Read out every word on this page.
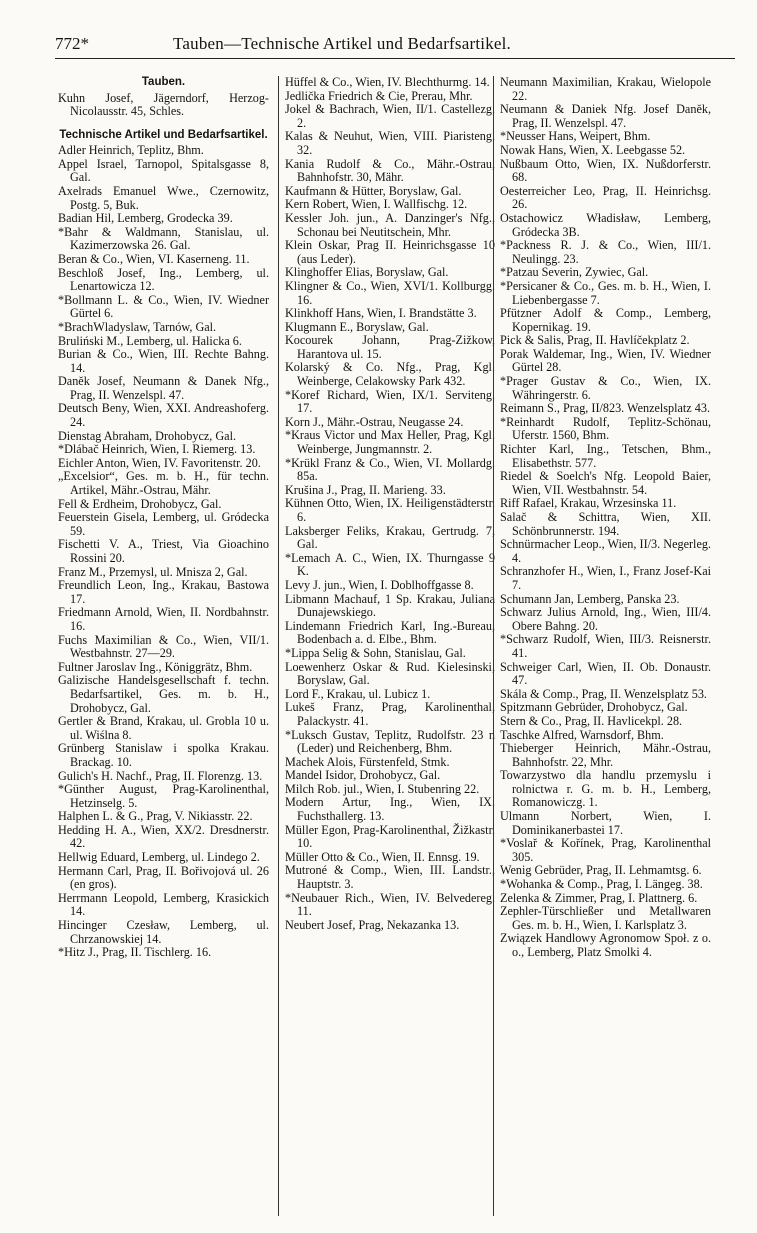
772*	Tauben—Technische Artikel und Bedarfsartikel.
Tauben.

Kuhn Josef, Jägerndorf, Herzog-Nicolausstr. 45, Schles.

Technische Artikel und Bedarfsartikel.

Adler Heinrich, Teplitz, Bhm.

Appel Israel, Tarnopol, Spitalsgasse 8, Gal.

Axelrads Emanuel Wwe., Czernowitz, Postg. 5, Buk.

Badian Hil, Lemberg, Grodecka 39.

*Bahr & Waldmann, Stanislau, ul. Kazimerzowska 26. Gal.

Beran & Co., Wien, VI. Kaserneng. 11.

Beschloß Josef, Ing., Lemberg, ul. Lenartowicza 12.

*Bollmann L. & Co., Wien, IV. Wiedner Gürtel 6.

*BrachWladyslaw, Tarnów, Gal.

Bruliński M., Lemberg, ul. Halicka 6.

Burian & Co., Wien, III. Rechte Bahng. 14.

Daněk Josef, Neumann & Danek Nfg., Prag, II. Wenzelspl. 47.

Deutsch Beny, Wien, XXI. Andreashoferg. 24.

Dienstag Abraham, Drohobycz, Gal.

*Dlábač Heinrich, Wien, I. Riemerg. 13.

Eichler Anton, Wien, IV. Favoritenstr. 20.

„Excelsior“, Ges. m. b. H., für techn. Artikel, Mähr.-Ostrau, Mähr.

Fell & Erdheim, Drohobycz, Gal.

Feuerstein Gisela, Lemberg, ul. Gródecka 59.

Fischetti V. A., Triest, Via Gioachino Rossini 20.

Franz M., Przemysl, ul. Mnisza 2, Gal.

Freundlich Leon, Ing., Krakau, Bastowa 17.

Friedmann Arnold, Wien, II. Nordbahnstr. 16.

Fuchs Maximilian & Co., Wien, VII/1. Westbahnstr. 27—29.

Fultner Jaroslav Ing., Königgrätz, Bhm.

Galizische Handelsgesellschaft f. techn. Bedarfsartikel, Ges. m. b. H., Drohobycz, Gal.

Gertler & Brand, Krakau, ul. Grobla 10 u. ul. Wiślna 8.

Grünberg Stanislaw i spolka Krakau. Brackag. 10.

Gulich's H. Nachf., Prag, II. Florenzg. 13.

*Günther August, Prag-Karolinenthal, Hetzinselg. 5.

Halphen L. & G., Prag, V. Nikiasstr. 22.

Hedding H. A., Wien, XX/2. Dresdnerstr. 42.

Hellwig Eduard, Lemberg, ul. Lindego 2.

Hermann Carl, Prag, II. Bořivojová ul. 26 (en gros).

Herrmann Leopold, Lemberg, Krasickich 14.

Hincinger Czesław, Lemberg, ul. Chrzanowskiej 14.

*Hitz J., Prag, II. Tischlerg. 16.

Hüffel & Co., Wien, IV. Blechthurmg. 14.

Jedlička Friedrich & Cie, Prerau, Mhr.

Jokel & Bachrach, Wien, II/1. Castellezg. 2.

Kalas & Neuhut, Wien, VIII. Piaristeng. 32.

Kania Rudolf & Co., Mähr.-Ostrau, Bahnhofstr. 30, Mähr.

Kaufmann & Hütter, Boryslaw, Gal.

Kern Robert, Wien, I. Wallfischg. 12.

Kessler Joh. jun., A. Danzinger's Nfg., Schonau bei Neutitschein, Mhr.

Klein Oskar, Prag II. Heinrichsgasse 10 (aus Leder).

Klinghoffer Elias, Boryslaw, Gal.

Klingner & Co., Wien, XVI/1. Kollburgg. 16.

Klinkhoff Hans, Wien, I. Brandstätte 3.

Klugmann E., Boryslaw, Gal.

Kocourek Johann, Prag-Zižkow, Harantova ul. 15.

Kolarský & Co. Nfg., Prag, Kgl. Weinberge, Celakowsky Park 432.

*Koref Richard, Wien, IX/1. Serviteng. 17.

Korn J., Mähr.-Ostrau, Neugasse 24.

*Kraus Victor und Max Heller, Prag, Kgl. Weinberge, Jungmannstr. 2.

*Krükl Franz & Co., Wien, VI. Mollardg. 85a.

Krušina J., Prag, II. Marieng. 33.

Kühnen Otto, Wien, IX. Heiligenstädterstr. 6.

Laksberger Feliks, Krakau, Gertrudg. 7, Gal.

*Lemach A. C., Wien, IX. Thurngasse 9 K.

Levy J. jun., Wien, I. Doblhoffgasse 8.

Libmann Machauf, 1 Sp. Krakau, Juliana Dunajewskiego.

Lindemann Friedrich Karl, Ing.-Bureau, Bodenbach a. d. Elbe., Bhm.

*Lippa Selig & Sohn, Stanislau, Gal.

Loewenherz Oskar & Rud. Kielesinski, Boryslaw, Gal.

Lord F., Krakau, ul. Lubicz 1.

Lukeš Franz, Prag, Karolinenthal, Palackystr. 41.

*Luksch Gustav, Teplitz, Rudolfstr. 23 n (Leder) und Reichenberg, Bhm.

Machek Alois, Fürstenfeld, Stmk.

Mandel Isidor, Drohobycz, Gal.

Milch Rob. jul., Wien, I. Stubenring 22.

Modern Artur, Ing., Wien, IX. Fuchsthallerg. 13.

Müller Egon, Prag-Karolinenthal, Žižkastr. 10.

Müller Otto & Co., Wien, II. Ennsg. 19.

Mutroné & Comp., Wien, III. Landstr., Hauptstr. 3.

*Neubauer Rich., Wien, IV. Belvedereg. 11.

Neubert Josef, Prag, Nekazanka 13.

Neumann Maximilian, Krakau, Wielopole 22.

Neumann & Daniek Nfg. Josef Daněk, Prag, II. Wenzelspl. 47.

*Neusser Hans, Weipert, Bhm.

Nowak Hans, Wien, X. Leebgasse 52.

Nußbaum Otto, Wien, IX. Nußdorferstr. 68.

Oesterreicher Leo, Prag, II. Heinrichsg. 26.

Ostachowicz Władisław, Lemberg, Gródecka 3B.

*Packness R. J. & Co., Wien, III/1. Neulingg. 23.

*Patzau Severin, Zywiec, Gal.

*Persicaner & Co., Ges. m. b. H., Wien, I. Liebenbergasse 7.

Pfützner Adolf & Comp., Lemberg, Kopernikag. 19.

Pick & Salis, Prag, II. Havlíčekplatz 2.

Porak Waldemar, Ing., Wien, IV. Wiedner Gürtel 28.

*Prager Gustav & Co., Wien, IX. Währingerstr. 6.

Reimann S., Prag, II/823. Wenzelsplatz 43.

*Reinhardt Rudolf, Teplitz-Schönau, Uferstr. 1560, Bhm.

Richter Karl, Ing., Tetschen, Bhm., Elisabethstr. 577.

Riedel & Soelch's Nfg. Leopold Baier, Wien, VII. Westbahnstr. 54.

Riff Rafael, Krakau, Wrzesinska 11.

Salač & Schittra, Wien, XII. Schönbrunnerstr. 194.

Schnürmacher Leop., Wien, II/3. Negerleg. 4.

Schranzhofer H., Wien, I., Franz Josef-Kai 7.

Schumann Jan, Lemberg, Panska 23.

Schwarz Julius Arnold, Ing., Wien, III/4. Obere Bahng. 20.

*Schwarz Rudolf, Wien, III/3. Reisnerstr. 41.

Schweiger Carl, Wien, II. Ob. Donaustr. 47.

Skála & Comp., Prag, II. Wenzelsplatz 53.

Spitzmann Gebrüder, Drohobycz, Gal.

Stern & Co., Prag, II. Havlicekpl. 28.

Taschke Alfred, Warnsdorf, Bhm.

Thieberger Heinrich, Mähr.-Ostrau, Bahnhofstr. 22, Mhr.

Towarzystwo dla handlu przemyslu i rolnictwa r. G. m. b. H., Lemberg, Romanowiczg. 1.

Ulmann Norbert, Wien, I. Dominikanerbastei 17.

*Voslař & Kořínek, Prag, Karolinenthal 305.

Wenig Gebrüder, Prag, II. Lehmamtsg. 6.

*Wohanka & Comp., Prag, I. Längeg. 38.

Zelenka & Zimmer, Prag, I. Plattnerg. 6.

Zephler-Türschließer und Metallwaren Ges. m. b. H., Wien, I. Karlsplatz 3.

Związek Handlowy Agronomow Społ. z o. o., Lemberg, Platz Smolki 4.
